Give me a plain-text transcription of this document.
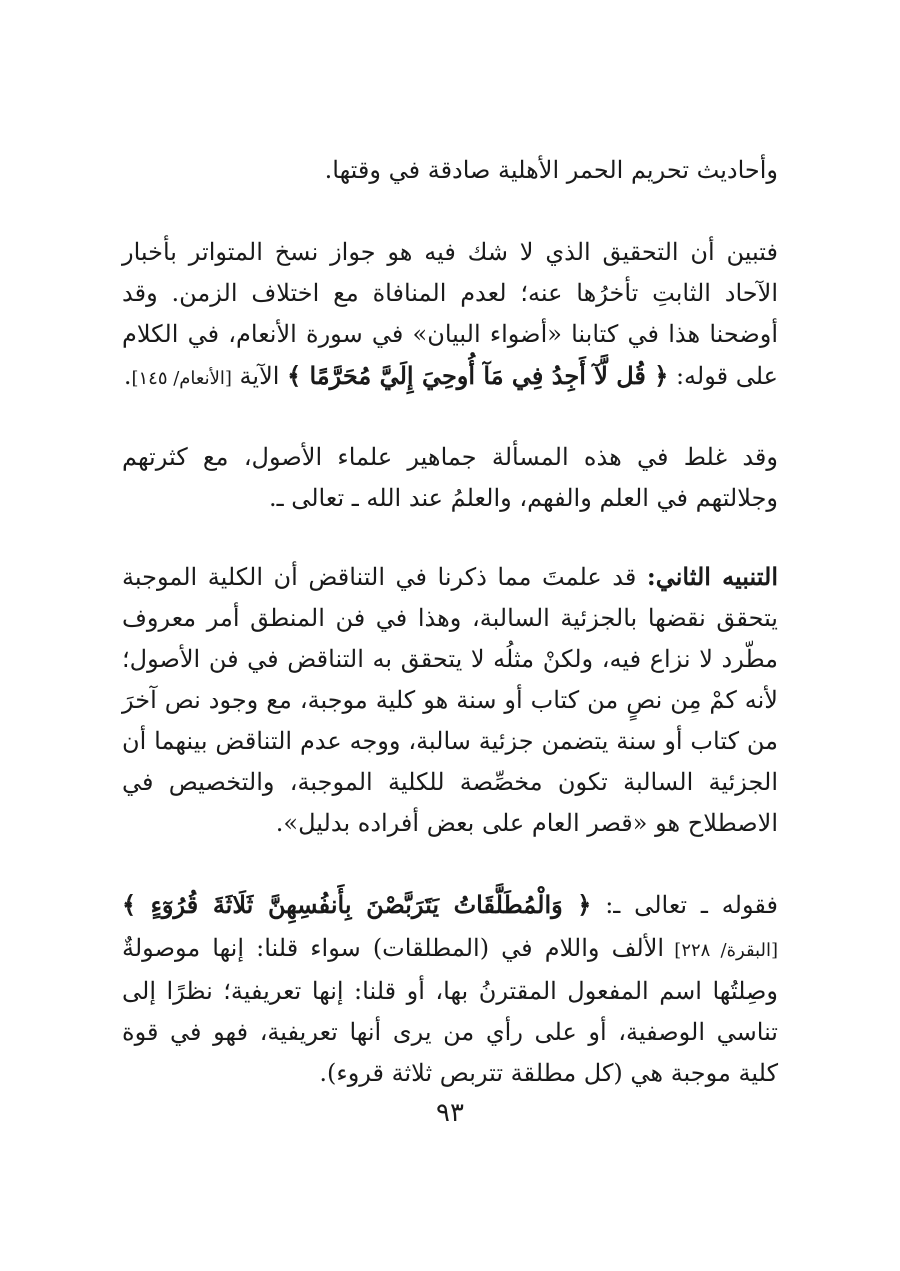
وأحاديث تحريم الحمر الأهلية صادقة في وقتها.

فتبين أن التحقيق الذي لا شك فيه هو جواز نسخ المتواتر بأخبار الآحاد الثابتِ تأخرُها عنه؛ لعدم المنافاة مع اختلاف الزمن. وقد أوضحنا هذا في كتابنا «أضواء البيان» في سورة الأنعام، في الكلام على قوله: ﴿ قُل لَّآ أَجِدُ فِي مَآ أُوحِيَ إِلَيَّ مُحَرَّمًا ﴾ الآية [الأنعام/ ١٤٥].

وقد غلط في هذه المسألة جماهير علماء الأصول، مع كثرتهم وجلالتهم في العلم والفهم، والعلمُ عند الله ـ تعالى ـ.

التنبيه الثاني: قد علمتَ مما ذكرنا في التناقض أن الكلية الموجبة يتحقق نقضها بالجزئية السالبة، وهذا في فن المنطق أمر معروف مطّرد لا نزاع فيه، ولكنْ مثلُه لا يتحقق به التناقض في فن الأصول؛ لأنه كمْ مِن نصٍ من كتاب أو سنة هو كلية موجبة، مع وجود نص آخرَ من كتاب أو سنة يتضمن جزئية سالبة، ووجه عدم التناقض بينهما أن الجزئية السالبة تكون مخصِّصة للكلية الموجبة، والتخصيص في الاصطلاح هو «قصر العام على بعض أفراده بدليل».

فقوله ـ تعالى ـ: ﴿ وَالْمُطَلَّقَاتُ يَتَرَبَّصْنَ بِأَنفُسِهِنَّ ثَلَاثَةَ قُرُوٓءٍ ﴾ [البقرة/ ٢٢٨] الألف واللام في (المطلقات) سواء قلنا: إنها موصولةٌ وصِلتُها اسم المفعول المقترنُ بها، أو قلنا: إنها تعريفية؛ نظرًا إلى تناسي الوصفية، أو على رأي من يرى أنها تعريفية، فهو في قوة كلية موجبة هي (كل مطلقة تتربص ثلاثة قروء).

٩٣
